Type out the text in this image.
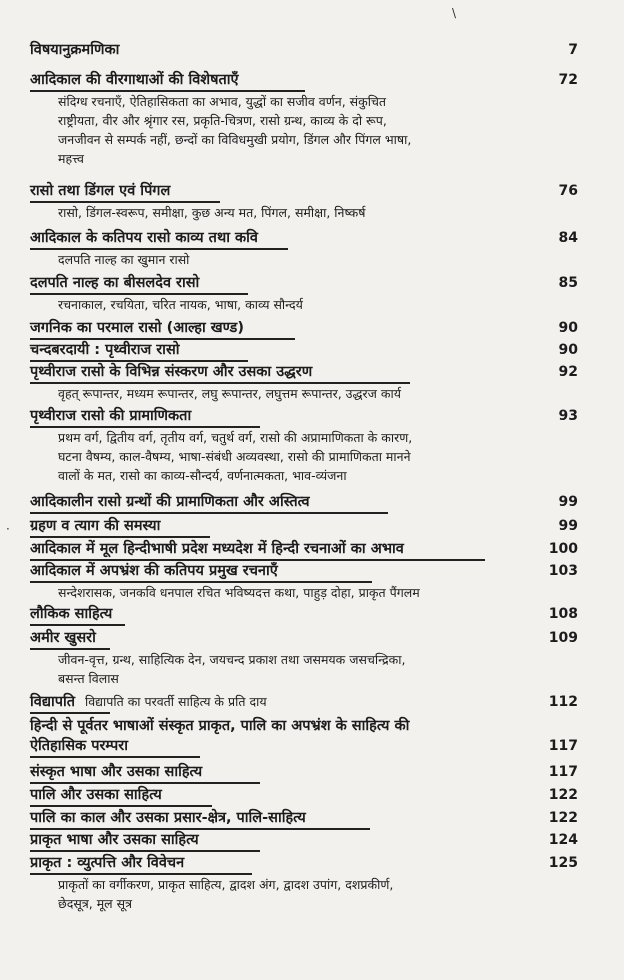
विषयानुक्रमणिका	7
आदिकाल की वीरगाथाओं की विशेषताएँ	72
संदिग्ध रचनाएँ, ऐतिहासिकता का अभाव, युद्धों का सजीव वर्णन, संकुचित
राष्ट्रीयता, वीर और श्रृंगार रस, प्रकृति-चित्रण, रासो ग्रन्थ, काव्य के दो रूप,
जनजीवन से सम्पर्क नहीं, छन्दों का विविधमुखी प्रयोग, डिंगल और पिंगल भाषा,
महत्त्व
रासो तथा डिंगल एवं पिंगल	76
रासो, डिंगल-स्वरूप, समीक्षा, कुछ अन्य मत, पिंगल, समीक्षा, निष्कर्ष
आदिकाल के कतिपय रासो काव्य तथा कवि	84
दलपति नाल्ह का खुमान रासो
दलपति नाल्ह का बीसलदेव रासो	85
रचनाकाल, रचयिता, चरित नायक, भाषा, काव्य सौन्दर्य
जगनिक का परमाल रासो (आल्हा खण्ड)	90
चन्दबरदायी : पृथ्वीराज रासो	90
पृथ्वीराज रासो के विभिन्न संस्करण और उसका उद्धरण	92
वृहत् रूपान्तर, मध्यम रूपान्तर, लघु रूपान्तर, लघुत्तम रूपान्तर, उद्धरज कार्य
पृथ्वीराज रासो की प्रामाणिकता	93
प्रथम वर्ग, द्वितीय वर्ग, तृतीय वर्ग, चतुर्थ वर्ग, रासो की अप्रामाणिकता के कारण,
घटना वैषम्य, काल-वैषम्य, भाषा-संबंधी अव्यवस्था, रासो की प्रामाणिकता मानने
वालों के मत, रासो का काव्य-सौन्दर्य, वर्णनात्मकता, भाव-व्यंजना
आदिकालीन रासो ग्रन्थों की प्रामाणिकता और अस्तित्व	99
ग्रहण व त्याग की समस्या	99
आदिकाल में मूल हिन्दीभाषी प्रदेश मध्यदेश में हिन्दी रचनाओं का अभाव	100
आदिकाल में अपभ्रंश की कतिपय प्रमुख रचनाएँ	103
सन्देशरासक, जनकवि धनपाल रचित भविष्यदत्त कथा, पाहुड़ दोहा, प्राकृत पैंगलम
लौकिक साहित्य	108
अमीर खुसरो	109
जीवन-वृत्त, ग्रन्थ, साहित्यिक देन, जयचन्द प्रकाश तथा जसमयक जसचन्द्रिका,
बसन्त विलास
विद्यापति विद्यापति का परवर्ती साहित्य के प्रति दाय	112
हिन्दी से पूर्वतर भाषाओं संस्कृत प्राकृत, पालि का अपभ्रंश के साहित्य की
ऐतिहासिक परम्परा	117
संस्कृत भाषा और उसका साहित्य	117
पालि और उसका साहित्य	122
पालि का काल और उसका प्रसार-क्षेत्र, पालि-साहित्य	122
प्राकृत भाषा और उसका साहित्य	124
प्राकृत : व्युत्पत्ति और विवेचन	125
प्राकृतों का वर्गीकरण, प्राकृत साहित्य, द्वादश अंग, द्वादश उपांग, दशप्रकीर्ण,
छेदसूत्र, मूल सूत्र
\
·
